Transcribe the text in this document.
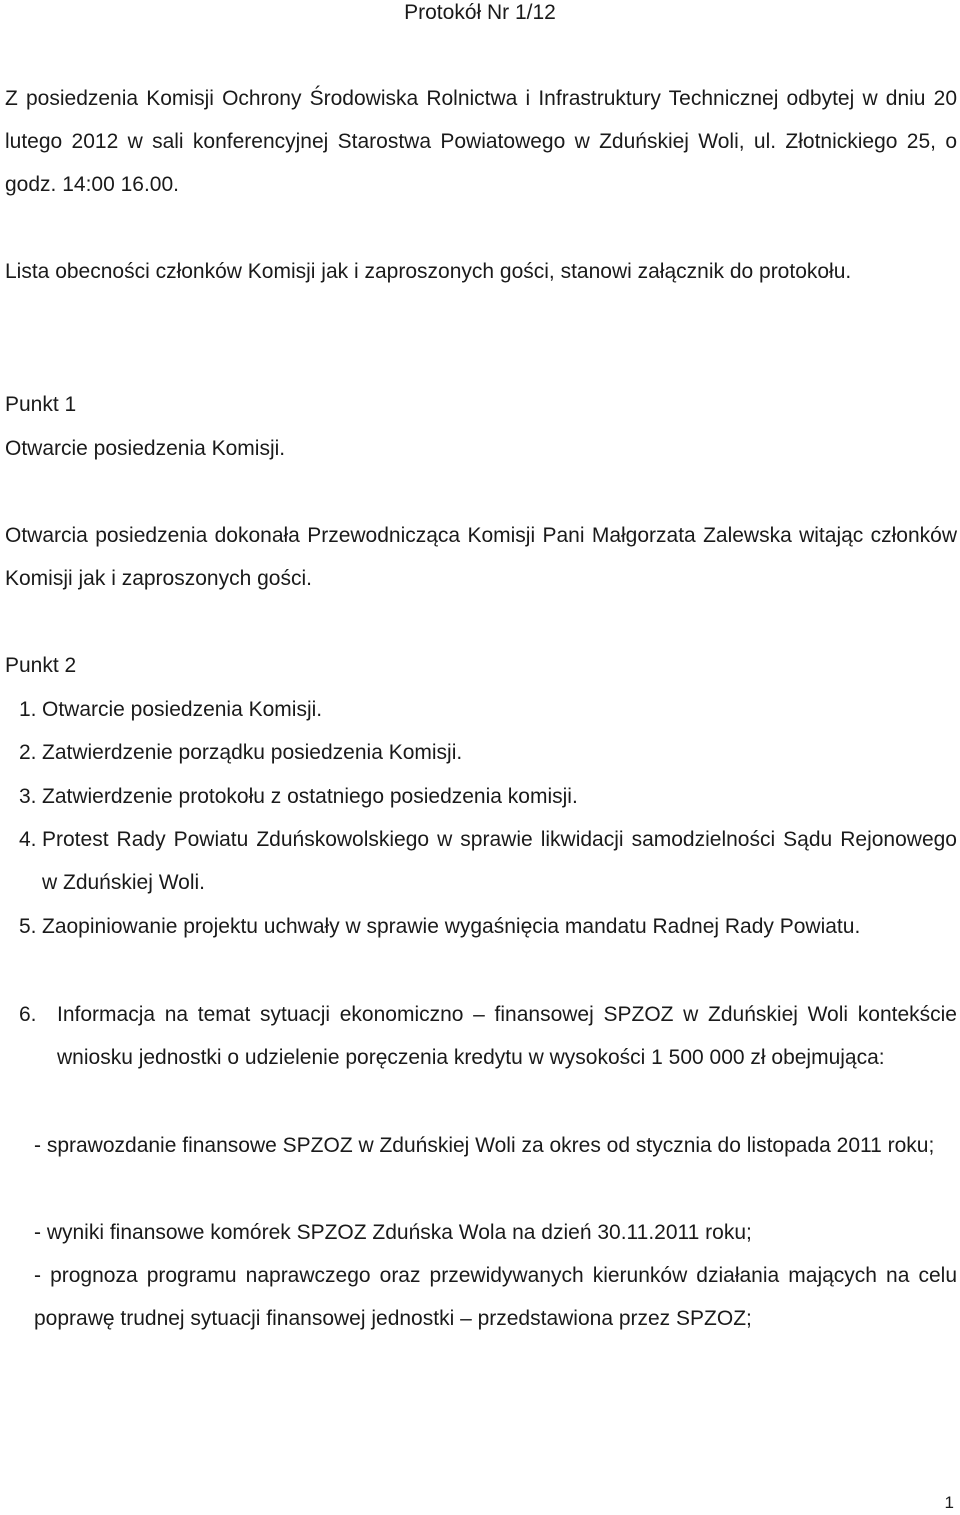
Protokół Nr 1/12
Z posiedzenia Komisji Ochrony Środowiska Rolnictwa i Infrastruktury Technicznej odbytej w dniu 20 lutego 2012 w sali konferencyjnej Starostwa Powiatowego w Zduńskiej Woli, ul. Złotnickiego 25, o godz. 14:00 16.00.
Lista obecności członków Komisji jak i zaproszonych gości, stanowi załącznik do protokołu.
Punkt 1
Otwarcie posiedzenia Komisji.
Otwarcia posiedzenia dokonała Przewodnicząca Komisji Pani Małgorzata Zalewska witając członków Komisji jak i zaproszonych gości.
Punkt 2
1. Otwarcie posiedzenia Komisji.
2. Zatwierdzenie porządku posiedzenia Komisji.
3. Zatwierdzenie protokołu z ostatniego posiedzenia komisji.
4. Protest Rady Powiatu Zduńskowolskiego w sprawie likwidacji samodzielności Sądu Rejonowego w Zduńskiej Woli.
5. Zaopiniowanie projektu uchwały w sprawie wygaśnięcia mandatu Radnej Rady Powiatu.
6. Informacja na temat sytuacji ekonomiczno – finansowej SPZOZ w Zduńskiej Woli kontekście wniosku jednostki o udzielenie poręczenia kredytu w wysokości 1 500 000 zł obejmująca:
- sprawozdanie finansowe SPZOZ w Zduńskiej Woli za okres od stycznia do listopada 2011 roku;
- wyniki finansowe komórek SPZOZ Zduńska Wola na dzień 30.11.2011 roku;
- prognoza programu naprawczego oraz przewidywanych kierunków działania mających na celu poprawę trudnej sytuacji finansowej jednostki – przedstawiona przez SPZOZ;
1
